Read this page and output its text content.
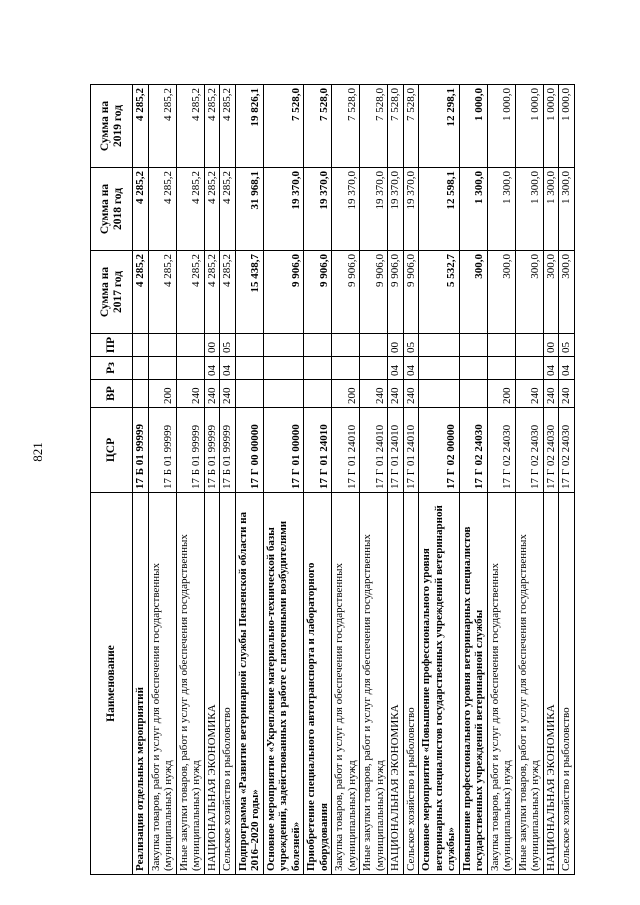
821
Наименование	ЦСР	ВР	Рз	ПР	Сумма на 2017 год	Сумма на 2018 год	Сумма на 2019 год
Реализация отдельных мероприятий	17 Б 01 99999				4 285,2	4 285,2	4 285,2
Закупка товаров, работ и услуг для обеспечения государственных (муниципальных) нужд	17 Б 01 99999	200			4 285,2	4 285,2	4 285,2
Иные закупки товаров, работ и услуг для обеспечения государственных (муниципальных) нужд	17 Б 01 99999	240			4 285,2	4 285,2	4 285,2
НАЦИОНАЛЬНАЯ ЭКОНОМИКА	17 Б 01 99999	240	04	00	4 285,2	4 285,2	4 285,2
Сельское хозяйство и рыболовство	17 Б 01 99999	240	04	05	4 285,2	4 285,2	4 285,2
Подпрограмма «Развитие ветеринарной службы Пензенской области на 2016–2020 годы»	17 Г 00 00000				15 438,7	31 968,1	19 826,1
Основное мероприятие «Укрепление материально-технической базы учреждений, задействованных в работе с патогенными возбудителями болезней»	17 Г 01 00000				9 906,0	19 370,0	7 528,0
Приобретение специального автотранспорта и лабораторного оборудования	17 Г 01 24010				9 906,0	19 370,0	7 528,0
Закупка товаров, работ и услуг для обеспечения государственных (муниципальных) нужд	17 Г 01 24010	200			9 906,0	19 370,0	7 528,0
Иные закупки товаров, работ и услуг для обеспечения государственных (муниципальных) нужд	17 Г 01 24010	240			9 906,0	19 370,0	7 528,0
НАЦИОНАЛЬНАЯ ЭКОНОМИКА	17 Г 01 24010	240	04	00	9 906,0	19 370,0	7 528,0
Сельское хозяйство и рыболовство	17 Г 01 24010	240	04	05	9 906,0	19 370,0	7 528,0
Основное мероприятие «Повышение профессионального уровня ветеринарных специалистов государственных учреждений ветеринарной службы»	17 Г 02 00000				5 532,7	12 598,1	12 298,1
Повышение профессионального уровня ветеринарных специалистов государственных учреждений ветеринарной службы	17 Г 02 24030				300,0	1 300,0	1 000,0
Закупка товаров, работ и услуг для обеспечения государственных (муниципальных) нужд	17 Г 02 24030	200			300,0	1 300,0	1 000,0
Иные закупки товаров, работ и услуг для обеспечения государственных (муниципальных) нужд	17 Г 02 24030	240			300,0	1 300,0	1 000,0
НАЦИОНАЛЬНАЯ ЭКОНОМИКА	17 Г 02 24030	240	04	00	300,0	1 300,0	1 000,0
Сельское хозяйство и рыболовство	17 Г 02 24030	240	04	05	300,0	1 300,0	1 000,0
